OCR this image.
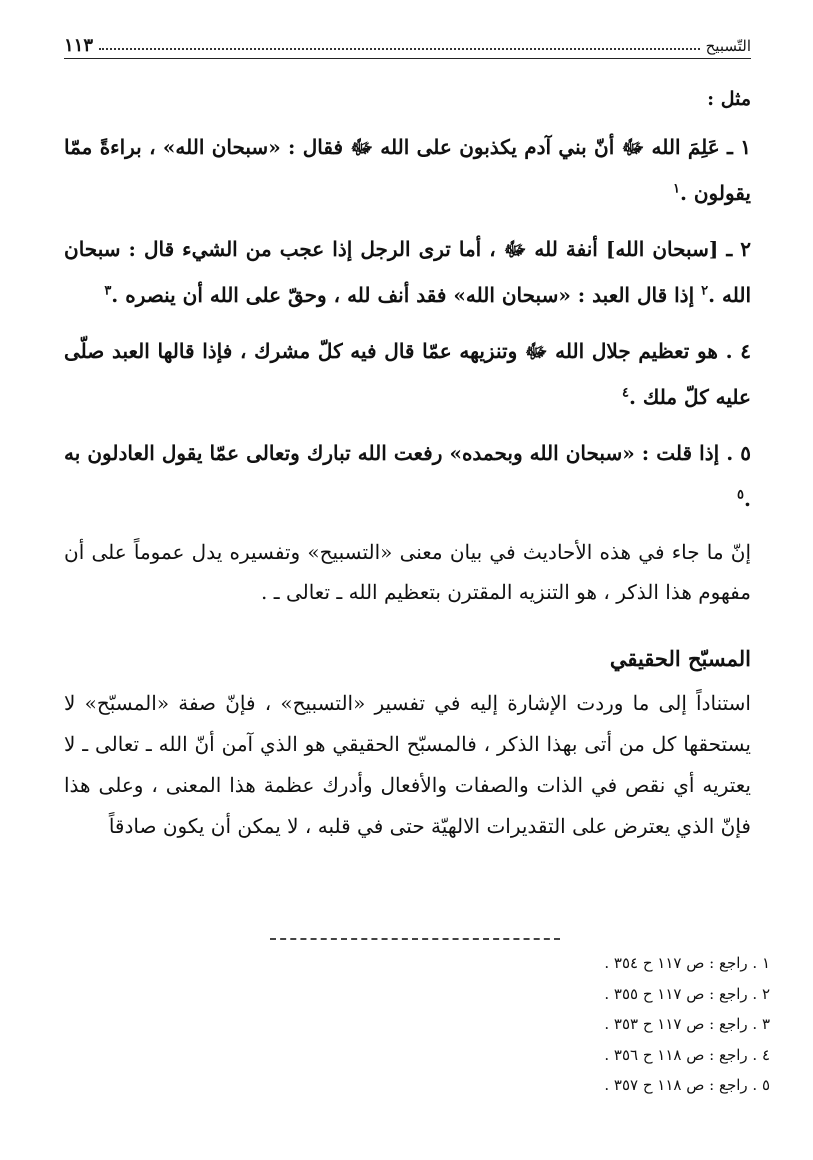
التّسبيح
١١٣

مثل :

١ ـ عَلِمَ الله ﷻ أنّ بني آدم يكذبون على الله ﷻ فقال : «سبحان الله» ، براءةً ممّا يقولون .$^١$

٢ ـ [سبحان الله] أنفة لله ﷻ ، أما ترى الرجل إذا عجب من الشيء قال : سبحان الله .$^٢$ إذا قال العبد : «سبحان الله» فقد أنف لله ، وحقّ على الله أن ينصره .$^٣$

٤ . هو تعظيم جلال الله ﷻ وتنزيهه عمّا قال فيه كلّ مشرك ، فإذا قالها العبد صلّى عليه كلّ ملك .$^٤$

٥ . إذا قلت : «سبحان الله وبحمده» رفعت الله تبارك وتعالى عمّا يقول العادلون به .$^٥$

إنّ ما جاء في هذه الأحاديث في بيان معنى «التسبيح» وتفسيره يدل عموماً على أن مفهوم هذا الذكر ، هو التنزيه المقترن بتعظيم الله ـ تعالى ـ .

المسبّح الحقيقي

استناداً إلى ما وردت الإشارة إليه في تفسير «التسبيح» ، فإنّ صفة «المسبّح» لا يستحقها كل من أتى بهذا الذكر ، فالمسبّح الحقيقي هو الذي آمن أنّ الله ـ تعالى ـ لا يعتريه أي نقص في الذات والصفات والأفعال وأدرك عظمة هذا المعنى ، وعلى هذا فإنّ الذي يعترض على التقديرات الالهيّة حتى في قلبه ، لا يمكن أن يكون صادقاً

١ . راجع : ص ١١٧ ح ٣٥٤ .

٢ . راجع : ص ١١٧ ح ٣٥٥ .

٣ . راجع : ص ١١٧ ح ٣٥٣ .

٤ . راجع : ص ١١٨ ح ٣٥٦ .

٥ . راجع : ص ١١٨ ح ٣٥٧ .
